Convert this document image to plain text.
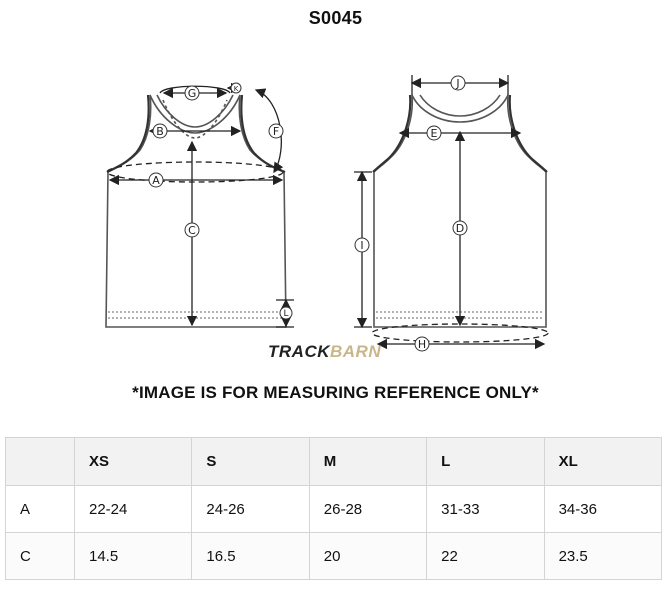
S0045
A
B
C	D
E
F
G
H
I
J
K
L
TRACKBARN
*IMAGE IS FOR MEASURING REFERENCE ONLY*
	XS	S	M	L	XL
A	22-24	24-26	26-28	31-33	34-36
C	14.5	16.5	20	22	23.5
